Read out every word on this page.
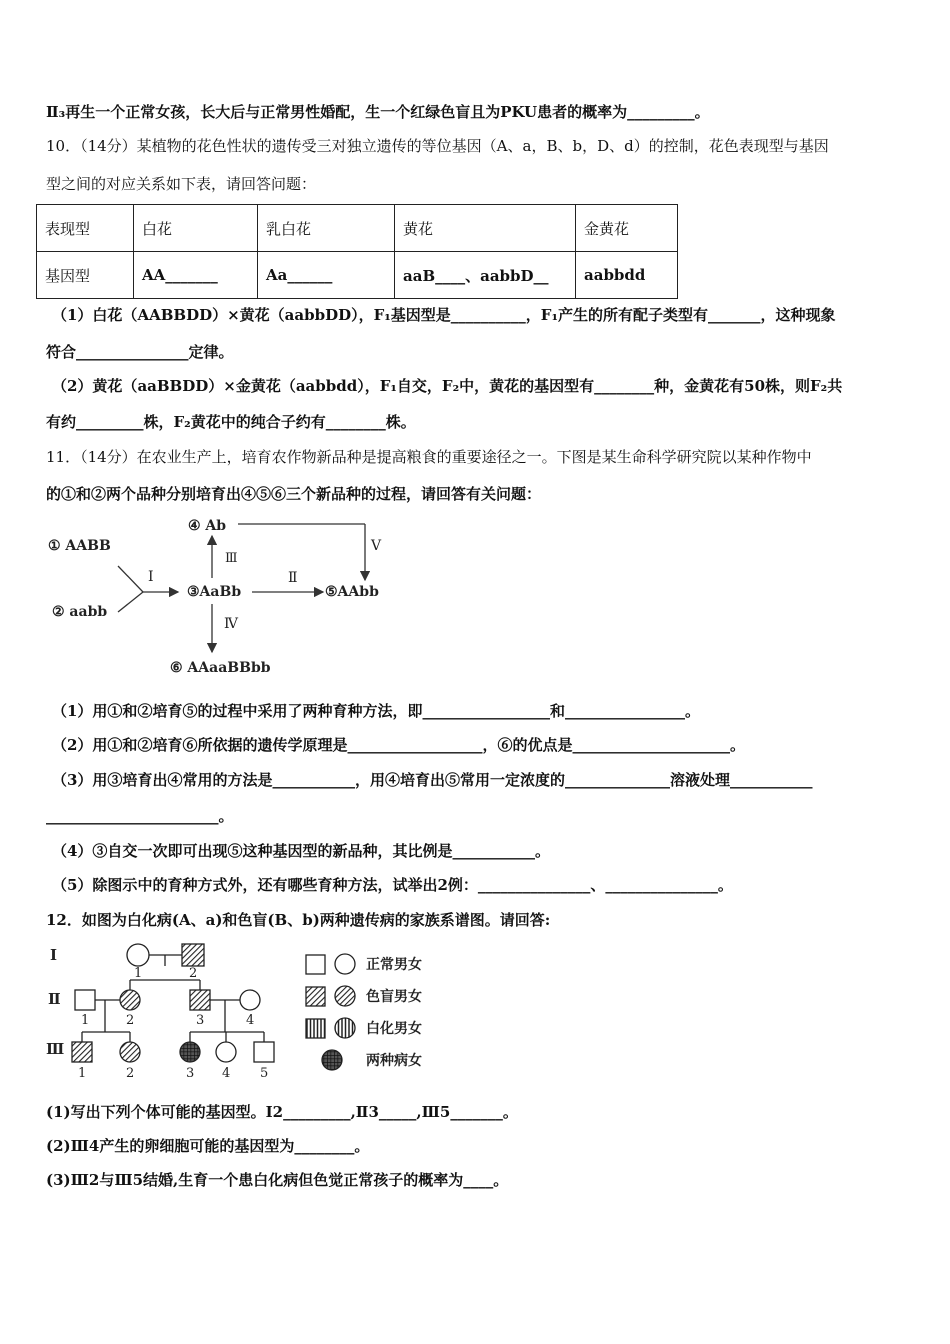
Ⅱ₃再生一个正常女孩，长大后与正常男性婚配，生一个红绿色盲且为PKU患者的概率为_________。
10．（14分）某植物的花色性状的遗传受三对独立遗传的等位基因（A、a，B、b，D、d）的控制，花色表现型与基因
型之间的对应关系如下表，请回答问题：
表现型	白花	乳白花	黄花	金黄花
基因型	AA_______	Aa______	aaB____、aabbD__	aabbdd
（1）白花（AABBDD）×黄花（aabbDD），F₁基因型是__________，F₁产生的所有配子类型有_______，这种现象
符合_______________定律。
（2）黄花（aaBBDD）×金黄花（aabbdd），F₁自交，F₂中，黄花的基因型有________种，金黄花有50株，则F₂共
有约_________株，F₂黄花中的纯合子约有________株。
11．（14分）在农业生产上，培育农作物新品种是提高粮食的重要途径之一。下图是某生命科学研究院以某种作物中
的①和②两个品种分别培育出④⑤⑥三个新品种的过程，请回答有关问题：
① AABB
② aabb
Ⅰ
③AaBb
④ Ab
Ⅲ
Ⅴ
Ⅱ
⑤AAbb
Ⅳ
⑥ AAaaBBbb
（1）用①和②培育⑤的过程中采用了两种育种方法，即_________________和________________。
（2）用①和②培育⑥所依据的遗传学原理是__________________，⑥的优点是_____________________。
（3）用③培育出④常用的方法是___________，用④培育出⑤常用一定浓度的______________溶液处理___________
_______________________。
（4）③自交一次即可出现⑤这种基因型的新品种，其比例是___________。
（5）除图示中的育种方式外，还有哪些育种方法，试举出2例：_______________、_______________。
12．如图为白化病(A、a)和色盲(B、b)两种遗传病的家族系谱图。请回答:
Ⅰ
Ⅱ
Ⅲ
1	2
1	2	3	4
1	2	3 4 5
正常男女
色盲男女
白化男女
两种病女
(1)写出下列个体可能的基因型。Ⅰ2_________,Ⅱ3_____,Ⅲ5_______。
(2)Ⅲ4产生的卵细胞可能的基因型为________。
(3)Ⅲ2与Ⅲ5结婚,生育一个患白化病但色觉正常孩子的概率为____。
